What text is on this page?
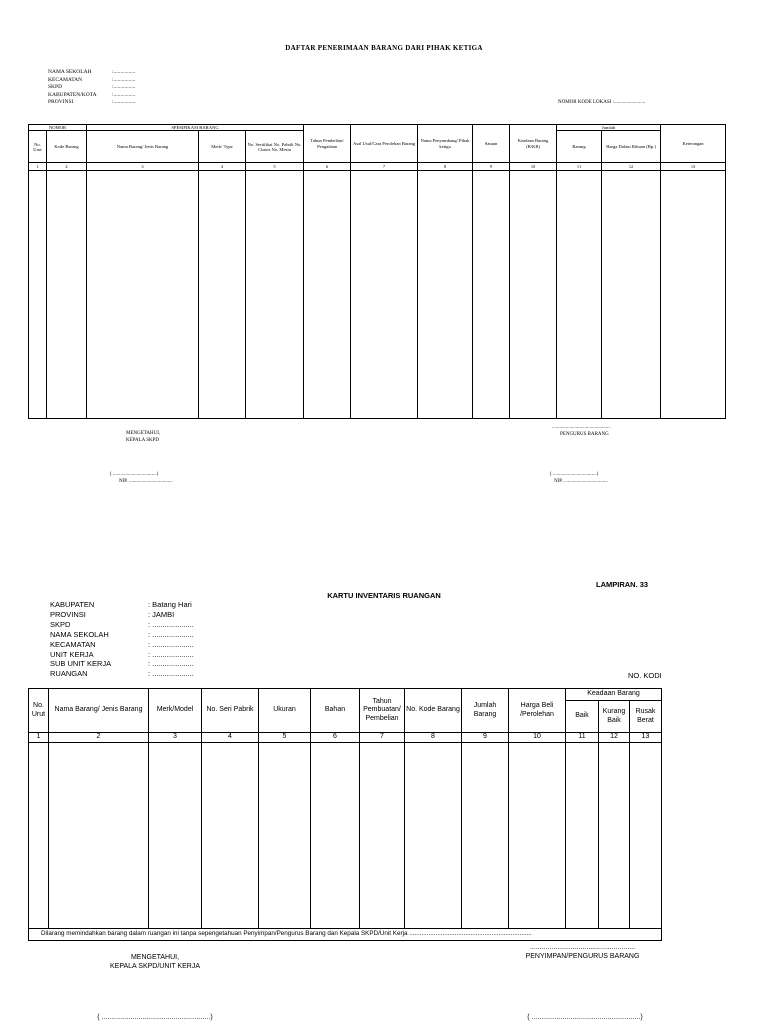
DAFTAR PENERIMAAN BARANG DARI PIHAK KETIGA
NAMA SEKOLAH	:................
KECAMATAN	:................
SKPD	:................
KABUPATEN/KOTA	:................
PROVINSI	:................	NOMOR KODE LOKASI :.........................
NOMOR		SPESIFIKASI BARANG			Tahun Pembelian/ Pengadaan	Asal Usul/Cara Perolehan Barang	Nama Penyumbang/ Pihak ketiga	Satuan	Keadaan Barang (B/KB)	Jumlah		Keterangan
No. Urut	Kode Barang	Nama Barang/ Jenis Barang	Merk/ Type	No. Sertifikat No. Pabrik No. Chasis No. Mesin						Barang	Harga Dalam Ribuan (Rp.)	
1	2	3	4	5	6	7	8	9	10	11	12	13

MENGETAHUI,
KEPALA SKPD
( ...................................)
NIP. ...................................
...............................................
PENGURUS BARANG
( ...................................)
NIP. ...................................
LAMPIRAN. 33
KARTU INVENTARIS RUANGAN
KABUPATEN	: Batang Hari
PROVINSI	: JAMBI
SKPD	: ....................
NAMA SEKOLAH	: ....................
KECAMATAN	: ....................
UNIT KERJA	: ....................
SUB UNIT KERJA	: ....................
RUANGAN	: ....................	NO. KODI
No. Urut	Nama Barang/ Jenis Barang	Merk/Model	No. Seri Pabrik	Ukuran	Bahan	Tahun Pembuatan/ Pembelian	No. Kode Barang	Jumlah Barang	Harga Beli /Perolehan	Keadaan Barang		
										Baik	Kurang Baik	Rusak Berat
1	2	3	4	5	6	7	8	9	10	11	12	13

Dilarang memindahkan barang dalam ruangan ini tanpa sepengetahuan Penyimpan/Pengurus Barang dan Kepala SKPD/Unit Kerja ......................................................................												
MENGETAHUI,
KEPALA SKPD/UNIT KERJA
( ........................................................)
......................................................
PENYIMPAN/PENGURUS BARANG
( ........................................................)
